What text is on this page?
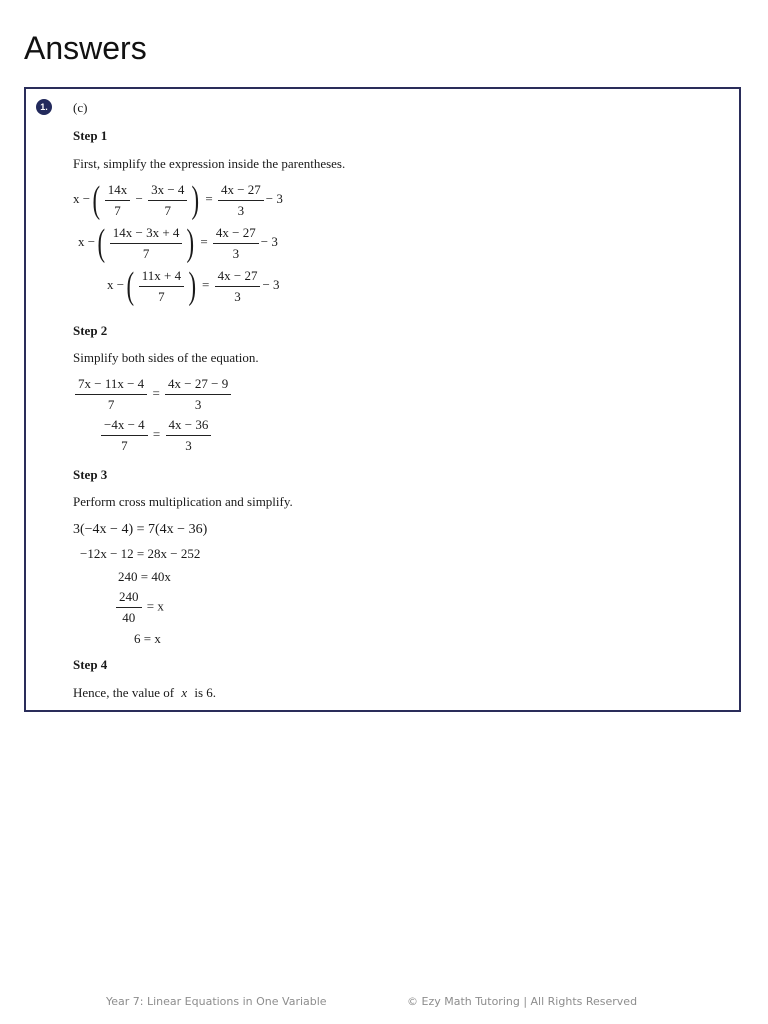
Answers
1.	(c)
Step 1
First, simplify the expression inside the parentheses.
x −( $\frac{14x}{7} - \frac{3x - 4}{7}$ ) = $\frac{4x - 27}{3} - 3$
x −( $\frac{14x - 3x + 4}{7}$ ) = $\frac{4x - 27}{3} - 3$
x −( $\frac{11x + 4}{7}$ ) = $\frac{4x - 27}{3} - 3$
Step 2
Simplify both sides of the equation.
$\frac{7x - 11x - 4}{7} = \frac{4x - 27 - 9}{3}$
$\frac{-4x - 4}{7} = \frac{4x - 36}{3}$
Step 3
Perform cross multiplication and simplify.
3(−4x − 4) = 7(4x − 36)
−12x − 12 = 28x − 252
240 = 40x
$\frac{240}{40} = x$
6 = x
Step 4
Hence, the value of x is 6.
Year 7: Linear Equations in One Variable	© Ezy Math Tutoring | All Rights Reserved
